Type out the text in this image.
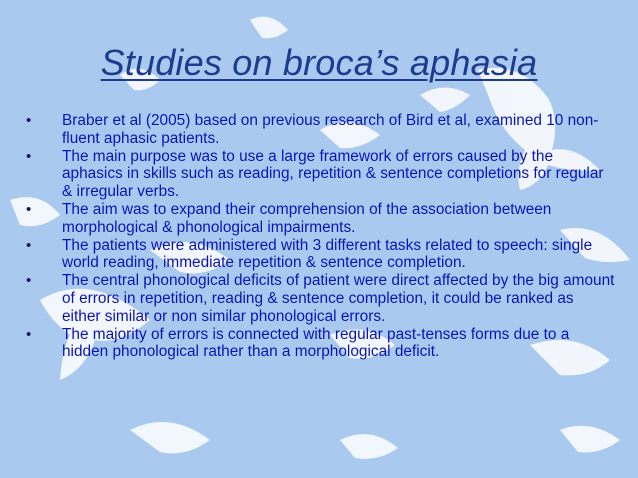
Studies on broca’s aphasia
• Braber et al (2005) based on previous research of Bird et al, examined 10 non-fluent aphasic patients.
• The main purpose was to use a large framework of errors caused by the aphasics in skills such as reading, repetition & sentence completions for regular & irregular verbs.
• The aim was to expand their comprehension of the association between morphological & phonological impairments.
• The patients were administered with 3 different tasks related to speech: single world reading, immediate repetition & sentence completion.
• The central phonological deficits of patient were direct affected by the big amount of errors in repetition, reading & sentence completion, it could be ranked as either similar or non similar phonological errors.
• The majority of errors is connected with regular past-tenses forms due to a hidden phonological rather than a morphological deficit.
